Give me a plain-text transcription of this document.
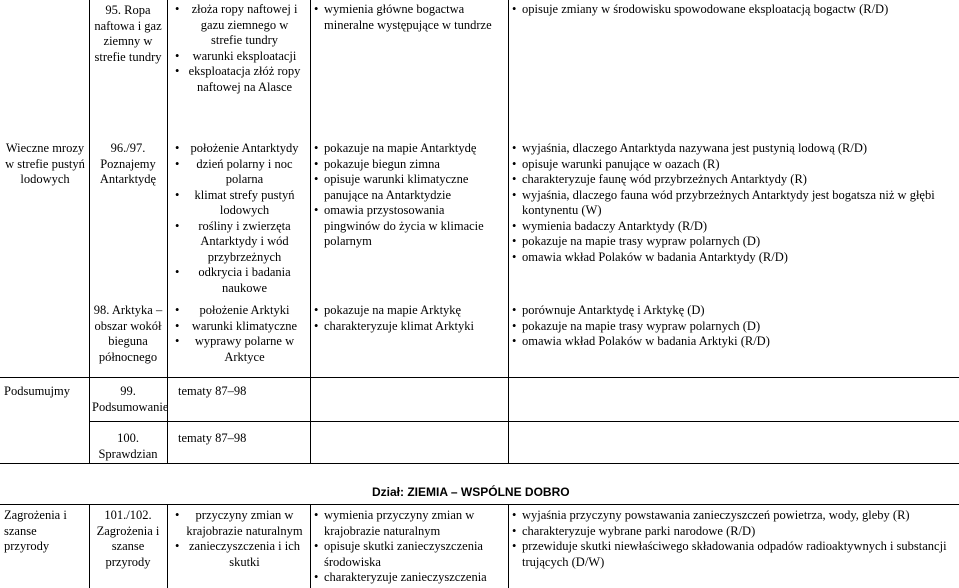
95. Ropa naftowa i gaz ziemny w strefie tundry
• złoża ropy naftowej i gazu ziemnego w strefie tundry
• warunki eksploatacji
• eksploatacja złóż ropy naftowej na Alasce
• wymienia główne bogactwa mineralne występujące w tundrze
• opisuje zmiany w środowisku spowodowane eksploatacją bogactw (R/D)
Wieczne mrozy w strefie pustyń lodowych
96./97. Poznajemy Antarktydę
• położenie Antarktydy
• dzień polarny i noc polarna
• klimat strefy pustyń lodowych
• rośliny i zwierzęta Antarktydy i wód przybrzeżnych
• odkrycia i badania naukowe
• pokazuje na mapie Antarktydę
• pokazuje biegun zimna
• opisuje warunki klimatyczne panujące na Antarktydzie
• omawia przystosowania pingwinów do życia w klimacie polarnym
• wyjaśnia, dlaczego Antarktyda nazywana jest pustynią lodową (R/D)
• opisuje warunki panujące w oazach (R)
• charakteryzuje faunę wód przybrzeżnych Antarktydy (R)
• wyjaśnia, dlaczego fauna wód przybrzeżnych Antarktydy jest bogatsza niż w głębi kontynentu (W)
• wymienia badaczy Antarktydy (R/D)
• pokazuje na mapie trasy wypraw polarnych (D)
• omawia wkład Polaków w badania Antarktydy (R/D)
98. Arktyka – obszar wokół bieguna północnego
• położenie Arktyki
• warunki klimatyczne
• wyprawy polarne w Arktyce
• pokazuje na mapie Arktykę
• charakteryzuje klimat Arktyki
• porównuje Antarktydę i Arktykę (D)
• pokazuje na mapie trasy wypraw polarnych (D)
• omawia wkład Polaków w badania Arktyki (R/D)
Podsumujmy	99. Podsumowanie
tematy 87–98
100. Sprawdzian
tematy 87–98
Dział: ZIEMIA – WSPÓLNE DOBRO
Zagrożenia i szanse przyrody
101./102. Zagrożenia i szanse przyrody
• przyczyny zmian w krajobrazie naturalnym
• zanieczyszczenia i ich skutki
• wymienia przyczyny zmian w krajobrazie naturalnym
• opisuje skutki zanieczyszczenia środowiska
• charakteryzuje zanieczyszczenia
• wyjaśnia przyczyny powstawania zanieczyszczeń powietrza, wody, gleby (R)
• charakteryzuje wybrane parki narodowe (R/D)
• przewiduje skutki niewłaściwego składowania odpadów radioaktywnych i substancji trujących (D/W)
